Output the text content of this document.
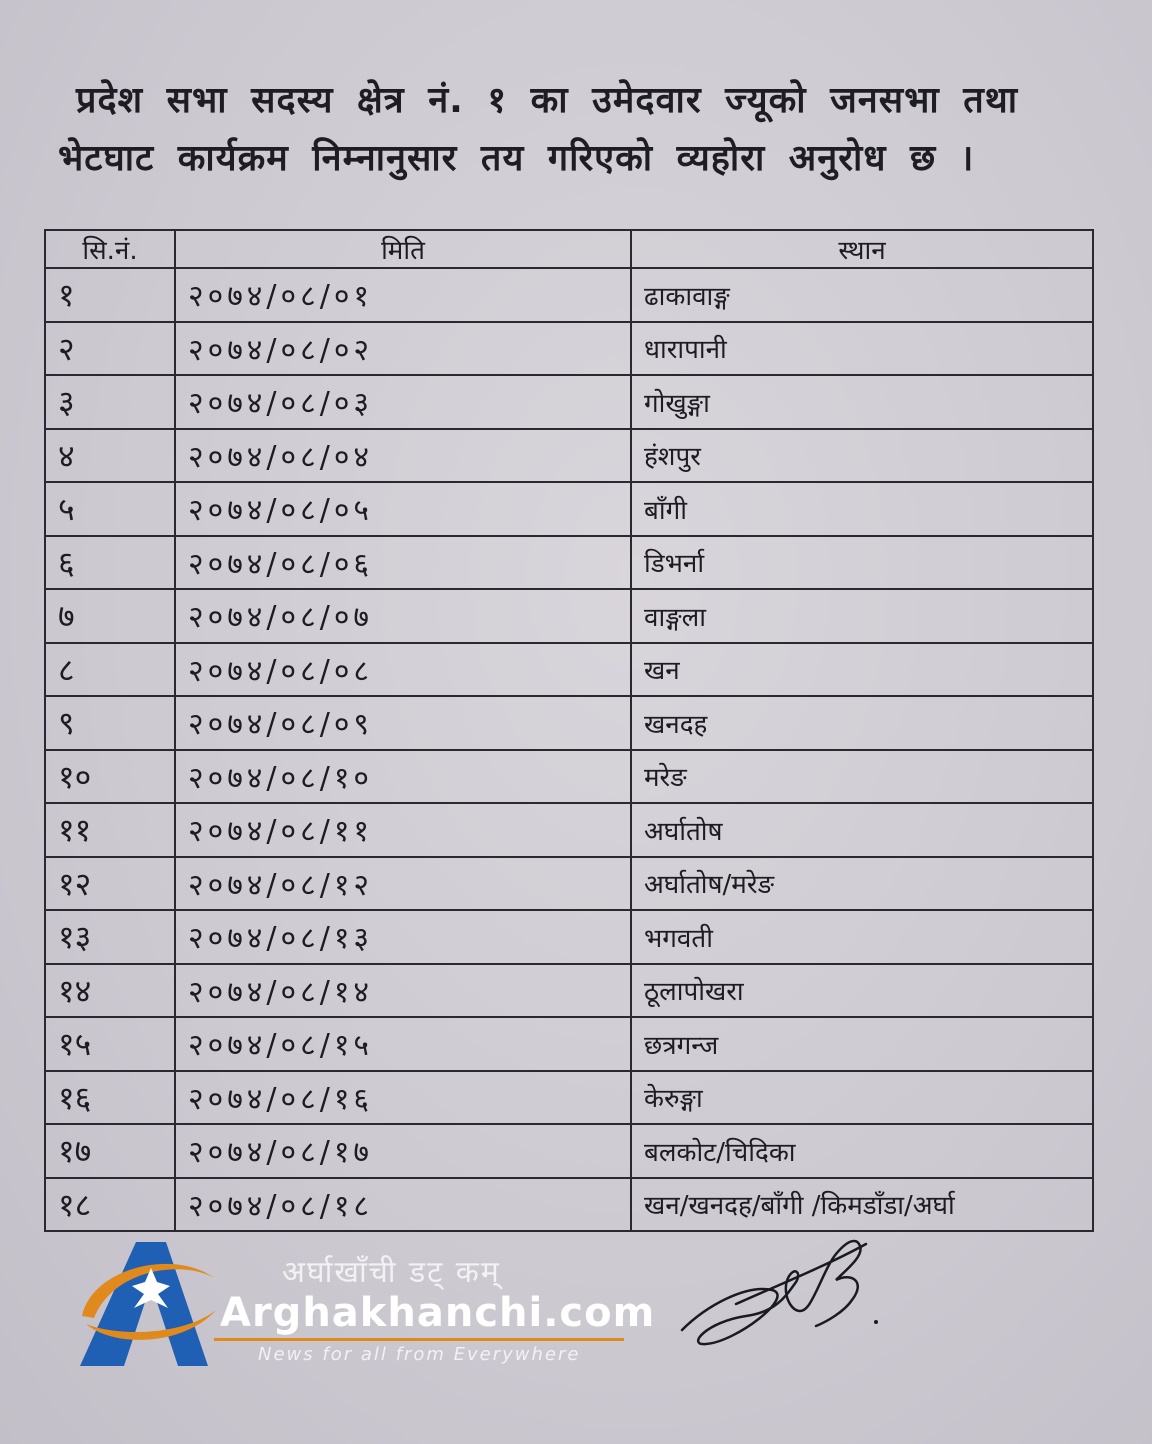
प्रदेश सभा सदस्य क्षेत्र नं. १ का उमेदवार ज्यूको जनसभा तथा
भेटघाट कार्यक्रम निम्नानुसार तय गरिएको व्यहोरा अनुरोध छ ।
सि.नं.	मिति	स्थान
१	२०७४/०८/०१	ढाकावाङ्ग
२	२०७४/०८/०२	धारापानी
३	२०७४/०८/०३	गोखुङ्गा
४	२०७४/०८/०४	हंशपुर
५	२०७४/०८/०५	बाँगी
६	२०७४/०८/०६	डिभर्ना
७	२०७४/०८/०७	वाङ्गला
८	२०७४/०८/०८	खन
९	२०७४/०८/०९	खनदह
१०	२०७४/०८/१०	मरेङ
११	२०७४/०८/११	अर्घातोष
१२	२०७४/०८/१२	अर्घातोष/मरेङ
१३	२०७४/०८/१३	भगवती
१४	२०७४/०८/१४	ठूलापोखरा
१५	२०७४/०८/१५	छत्रगन्ज
१६	२०७४/०८/१६	केरुङ्गा
१७	२०७४/०८/१७	बलकोट/चिदिका
१८	२०७४/०८/१८	खन/खनदह/बाँगी /किमडाँडा/अर्घा
अर्घाखाँची डट् कम्
Arghakhanchi.com
News for all from Everywhere
